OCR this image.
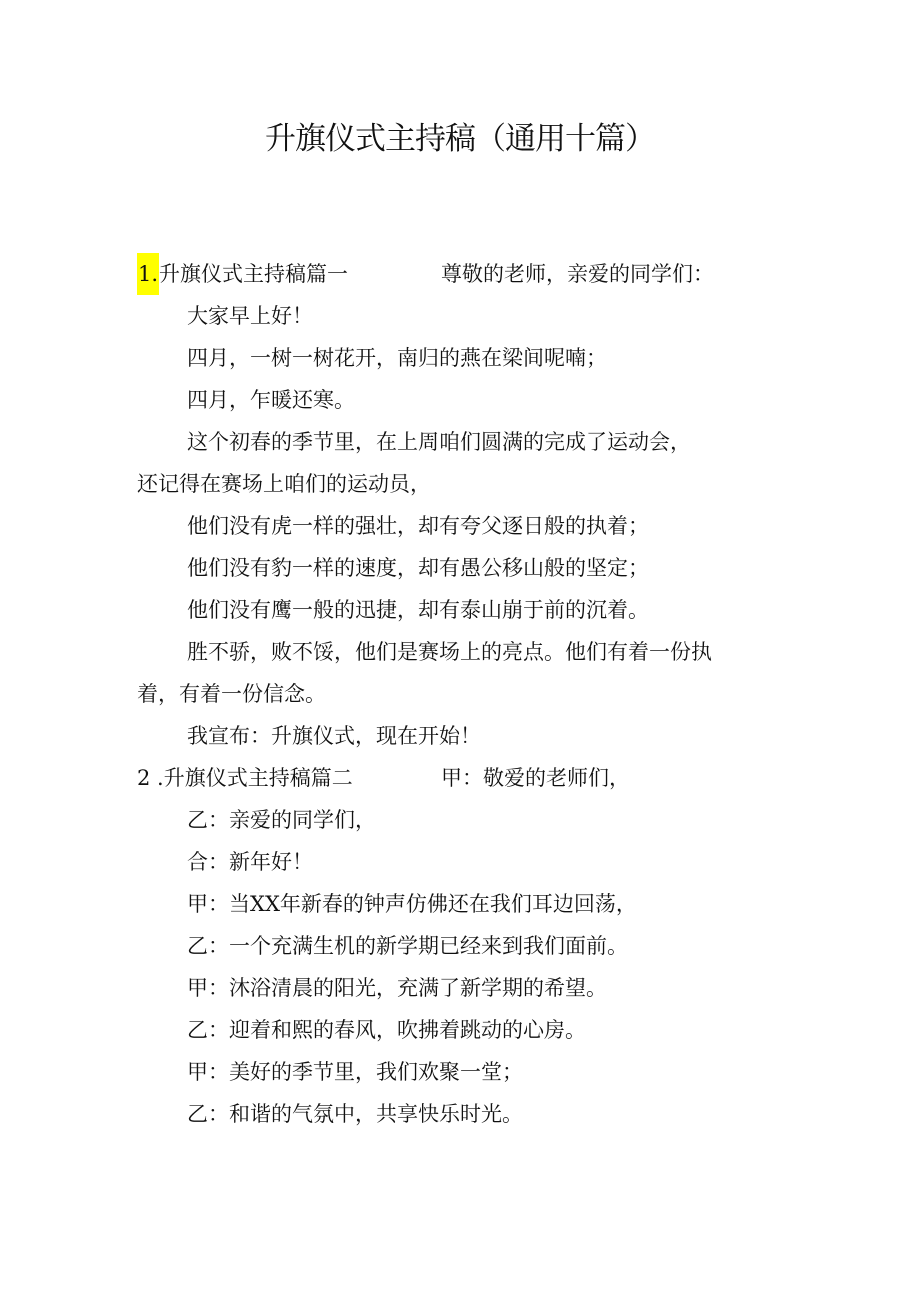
升旗仪式主持稿（通用十篇）

1.升旗仪式主持稿篇一	尊敬的老师，亲爱的同学们：

大家早上好！

四月，一树一树花开，南归的燕在梁间呢喃；

四月，乍暖还寒。

这个初春的季节里，在上周咱们圆满的完成了运动会，

还记得在赛场上咱们的运动员，

他们没有虎一样的强壮，却有夸父逐日般的执着；

他们没有豹一样的速度，却有愚公移山般的坚定；

他们没有鹰一般的迅捷，却有泰山崩于前的沉着。

胜不骄，败不馁，他们是赛场上的亮点。他们有着一份执

着，有着一份信念。

我宣布：升旗仪式，现在开始！

2 .升旗仪式主持稿篇二	甲：敬爱的老师们，

乙：亲爱的同学们，

合：新年好！

甲：当XX年新春的钟声仿佛还在我们耳边回荡，

乙：一个充满生机的新学期已经来到我们面前。

甲：沐浴清晨的阳光，充满了新学期的希望。

乙：迎着和熙的春风，吹拂着跳动的心房。

甲：美好的季节里，我们欢聚一堂；

乙：和谐的气氛中，共享快乐时光。
